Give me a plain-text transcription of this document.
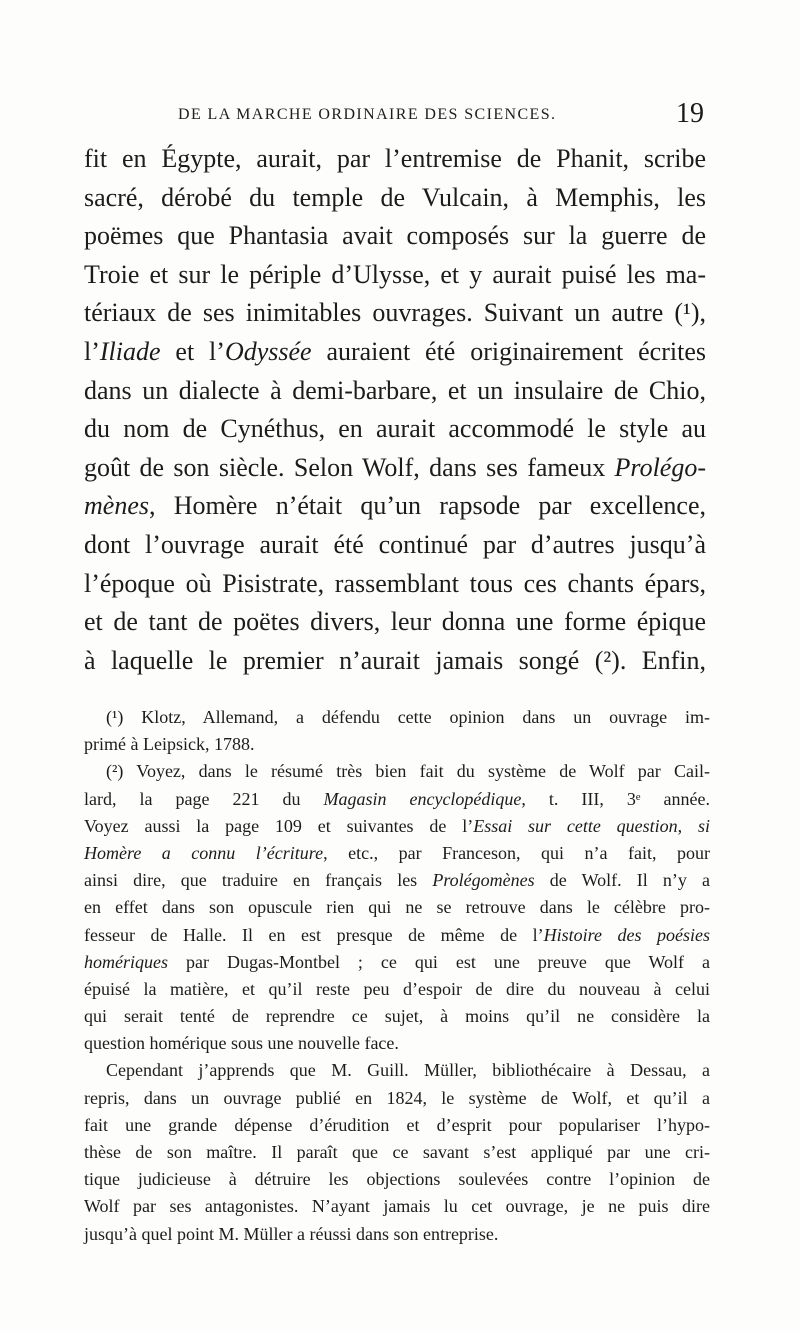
DE LA MARCHE ORDINAIRE DES SCIENCES.	19
fit en Égypte, aurait, par l’entremise de Phanit, scribe
sacré, dérobé du temple de Vulcain, à Memphis, les
poëmes que Phantasia avait composés sur la guerre de
Troie et sur le périple d’Ulysse, et y aurait puisé les ma-
tériaux de ses inimitables ouvrages. Suivant un autre (¹),
l’Iliade et l’Odyssée auraient été originairement écrites
dans un dialecte à demi-barbare, et un insulaire de Chio,
du nom de Cynéthus, en aurait accommodé le style au
goût de son siècle. Selon Wolf, dans ses fameux Prolégo-
mènes, Homère n’était qu’un rapsode par excellence,
dont l’ouvrage aurait été continué par d’autres jusqu’à
l’époque où Pisistrate, rassemblant tous ces chants épars,
et de tant de poëtes divers, leur donna une forme épique
à laquelle le premier n’aurait jamais songé (²). Enfin,
(¹) Klotz, Allemand, a défendu cette opinion dans un ouvrage im-
primé à Leipsick, 1788.
(²) Voyez, dans le résumé très bien fait du système de Wolf par Cail-
lard, la page 221 du Magasin encyclopédique, t. III, 3ᵉ année.
Voyez aussi la page 109 et suivantes de l’Essai sur cette question, si
Homère a connu l’écriture, etc., par Franceson, qui n’a fait, pour
ainsi dire, que traduire en français les Prolégomènes de Wolf. Il n’y a
en effet dans son opuscule rien qui ne se retrouve dans le célèbre pro-
fesseur de Halle. Il en est presque de même de l’Histoire des poésies
homériques par Dugas-Montbel ; ce qui est une preuve que Wolf a
épuisé la matière, et qu’il reste peu d’espoir de dire du nouveau à celui
qui serait tenté de reprendre ce sujet, à moins qu’il ne considère la
question homérique sous une nouvelle face.
Cependant j’apprends que M. Guill. Müller, bibliothécaire à Dessau, a
repris, dans un ouvrage publié en 1824, le système de Wolf, et qu’il a
fait une grande dépense d’érudition et d’esprit pour populariser l’hypo-
thèse de son maître. Il paraît que ce savant s’est appliqué par une cri-
tique judicieuse à détruire les objections soulevées contre l’opinion de
Wolf par ses antagonistes. N’ayant jamais lu cet ouvrage, je ne puis dire
jusqu’à quel point M. Müller a réussi dans son entreprise.
